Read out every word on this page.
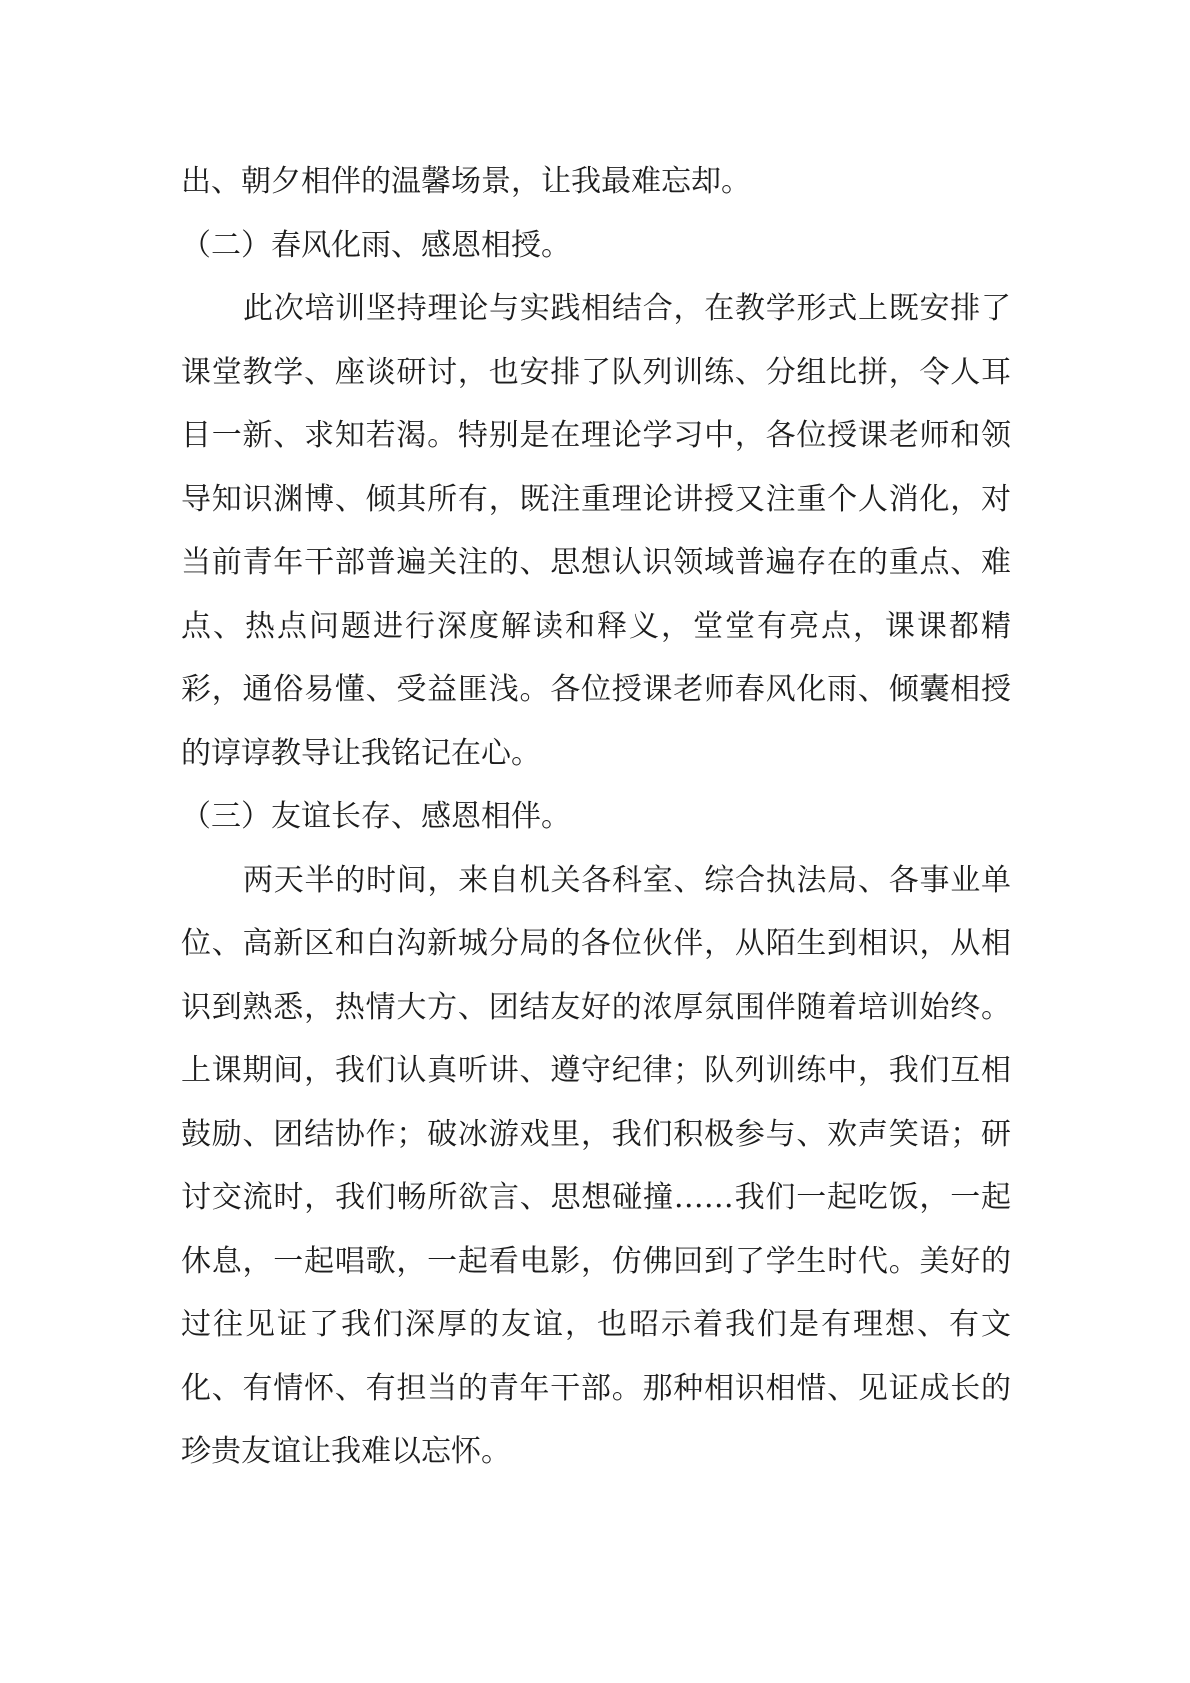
出、朝夕相伴的温馨场景，让我最难忘却。

（二）春风化雨、感恩相授。

此次培训坚持理论与实践相结合，在教学形式上既安排了课堂教学、座谈研讨，也安排了队列训练、分组比拼，令人耳目一新、求知若渴。特别是在理论学习中，各位授课老师和领导知识渊博、倾其所有，既注重理论讲授又注重个人消化，对当前青年干部普遍关注的、思想认识领域普遍存在的重点、难点、热点问题进行深度解读和释义，堂堂有亮点，课课都精彩，通俗易懂、受益匪浅。各位授课老师春风化雨、倾囊相授的谆谆教导让我铭记在心。

（三）友谊长存、感恩相伴。

两天半的时间，来自机关各科室、综合执法局、各事业单位、高新区和白沟新城分局的各位伙伴，从陌生到相识，从相识到熟悉，热情大方、团结友好的浓厚氛围伴随着培训始终。上课期间，我们认真听讲、遵守纪律；队列训练中，我们互相鼓励、团结协作；破冰游戏里，我们积极参与、欢声笑语；研讨交流时，我们畅所欲言、思想碰撞……我们一起吃饭，一起休息，一起唱歌，一起看电影，仿佛回到了学生时代。美好的过往见证了我们深厚的友谊，也昭示着我们是有理想、有文化、有情怀、有担当的青年干部。那种相识相惜、见证成长的珍贵友谊让我难以忘怀。
